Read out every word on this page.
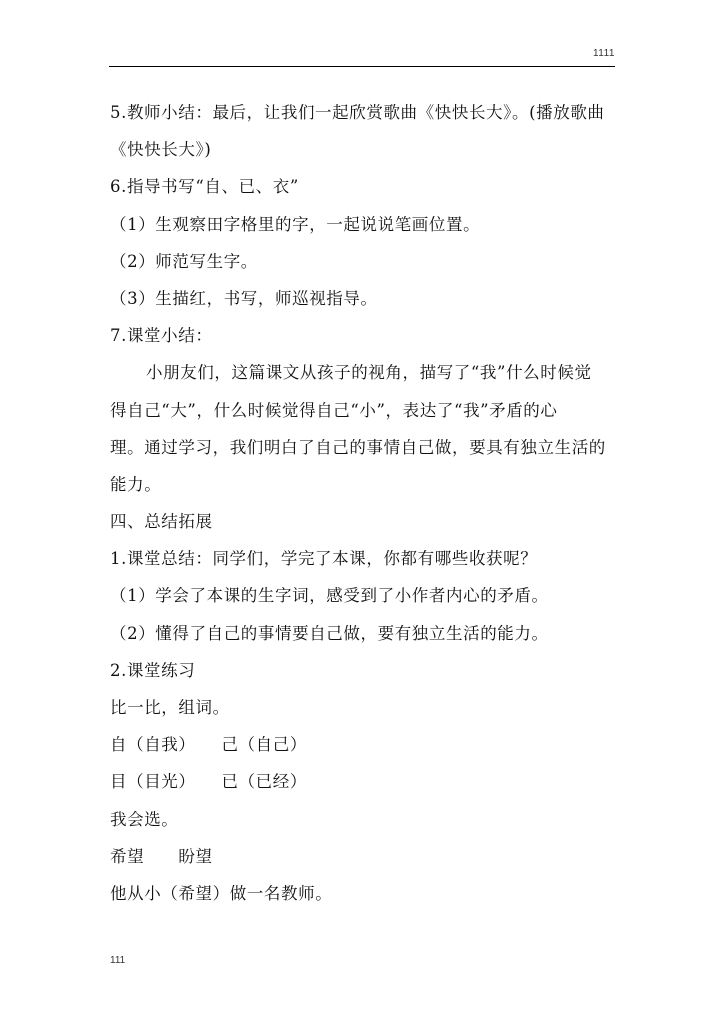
1111
5.教师小结：最后，让我们一起欣赏歌曲《快快长大》。(播放歌曲
《快快长大》)
6.指导书写“自、已、衣”
（1）生观察田字格里的字，一起说说笔画位置。
（2）师范写生字。
（3）生描红，书写，师巡视指导。
7.课堂小结：
小朋友们，这篇课文从孩子的视角，描写了“我”什么时候觉
得自己“大”，什么时候觉得自己“小”，表达了“我”矛盾的心
理。通过学习，我们明白了自己的事情自己做，要具有独立生活的
能力。
四、总结拓展
1.课堂总结：同学们，学完了本课，你都有哪些收获呢？
（1）学会了本课的生字词，感受到了小作者内心的矛盾。
（2）懂得了自己的事情要自己做，要有独立生活的能力。
2.课堂练习
比一比，组词。
自（自我）　　己（自己）
目（目光）　　已（已经）
我会选。
希望　　盼望
他从小（希望）做一名教师。
111
